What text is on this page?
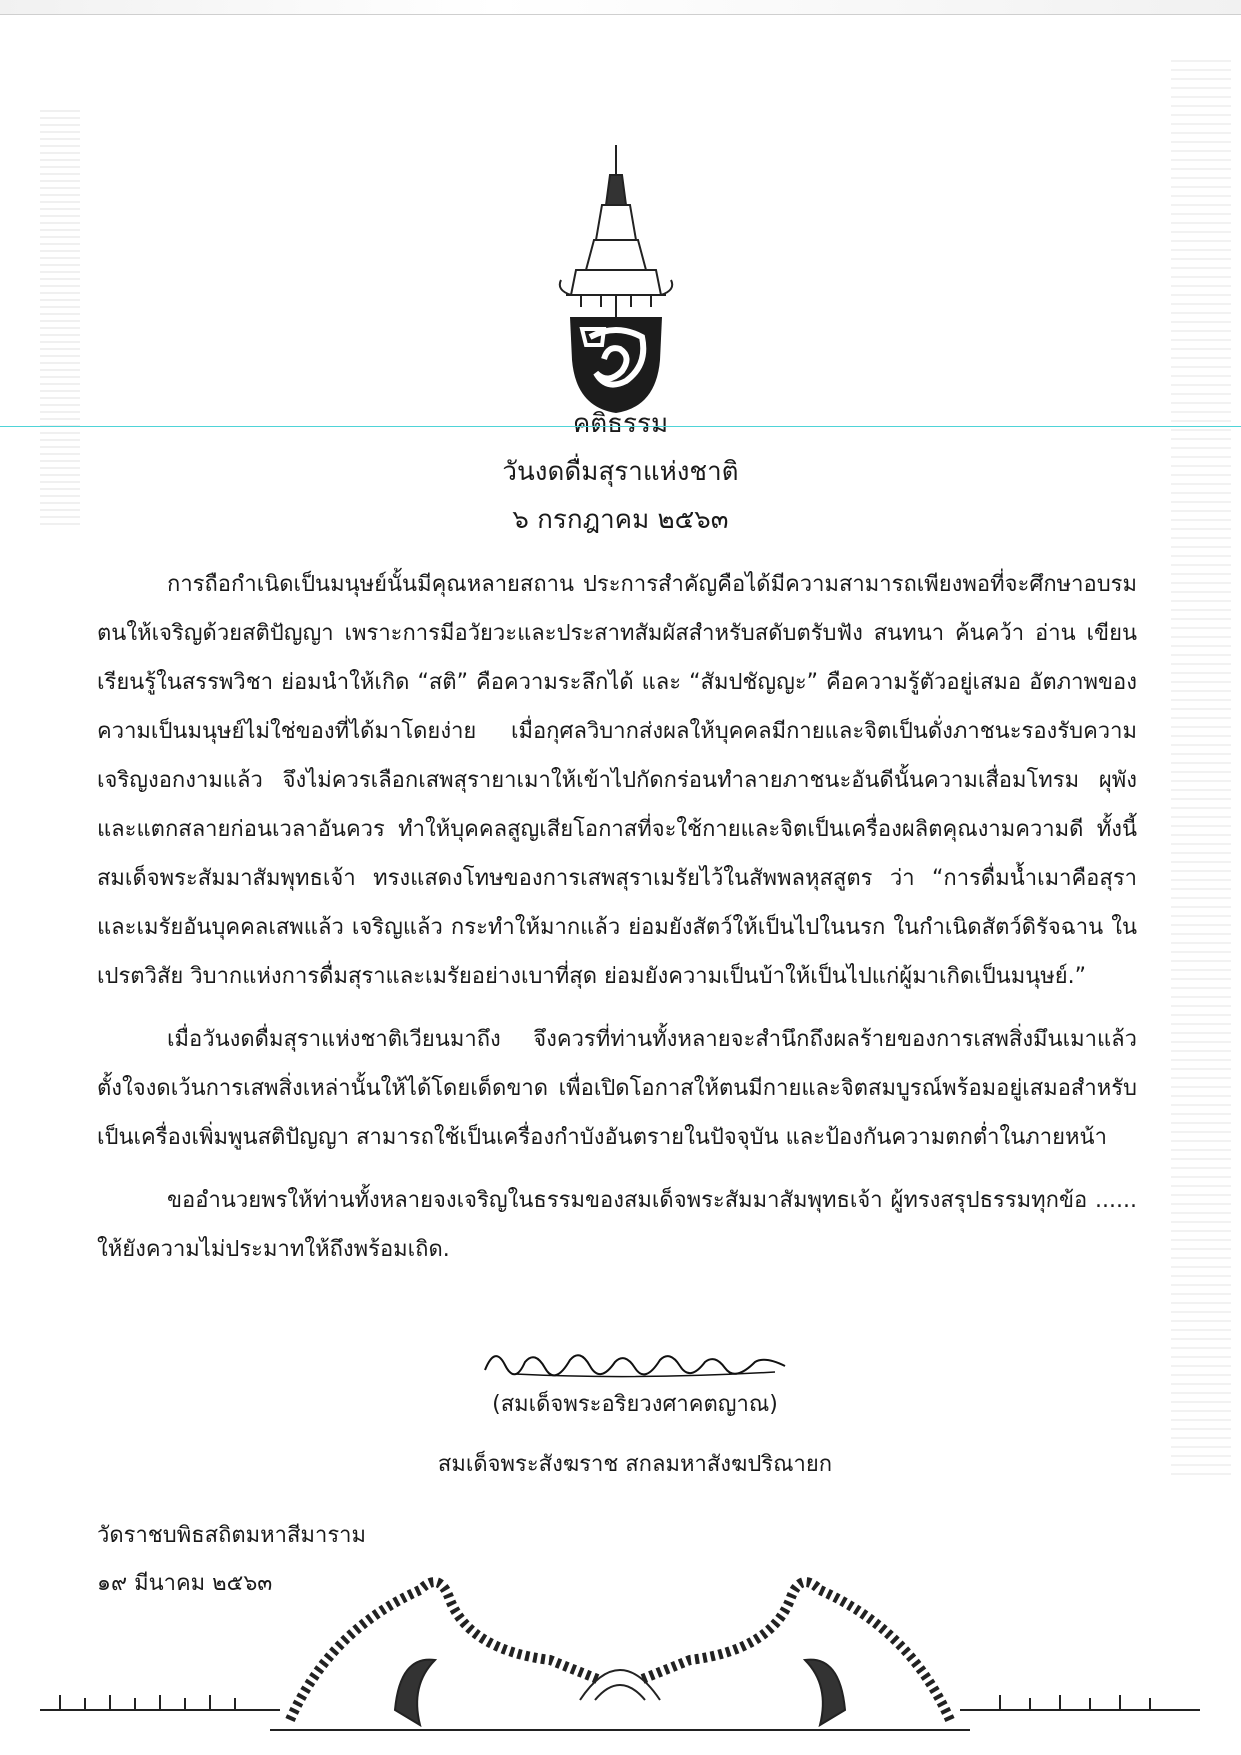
คติธรรม
วันงดดื่มสุราแห่งชาติ
๖ กรกฎาคม ๒๕๖๓

การถือกำเนิดเป็นมนุษย์นั้นมีคุณหลายสถาน ประการสำคัญคือได้มีความสามารถเพียงพอที่จะศึกษาอบรมตนให้เจริญด้วยสติปัญญา เพราะการมีอวัยวะและประสาทสัมผัสสำหรับสดับตรับฟัง สนทนา ค้นคว้า อ่าน เขียน เรียนรู้ในสรรพวิชา ย่อมนำให้เกิด “สติ” คือความระลึกได้ และ “สัมปชัญญะ” คือความรู้ตัวอยู่เสมอ อัตภาพของความเป็นมนุษย์ไม่ใช่ของที่ได้มาโดยง่าย เมื่อกุศลวิบากส่งผลให้บุคคลมีกายและจิตเป็นดั่งภาชนะรองรับความเจริญงอกงามแล้ว จึงไม่ควรเลือกเสพสุรายาเมาให้เข้าไปกัดกร่อนทำลายภาชนะอันดีนั้นความเสื่อมโทรม ผุพัง และแตกสลายก่อนเวลาอันควร ทำให้บุคคลสูญเสียโอกาสที่จะใช้กายและจิตเป็นเครื่องผลิตคุณงามความดี ทั้งนี้ สมเด็จพระสัมมาสัมพุทธเจ้า ทรงแสดงโทษของการเสพสุราเมรัยไว้ในสัพพลหุสสูตร ว่า “การดื่มน้ำเมาคือสุราและเมรัยอันบุคคลเสพแล้ว เจริญแล้ว กระทำให้มากแล้ว ย่อมยังสัตว์ให้เป็นไปในนรก ในกำเนิดสัตว์ดิรัจฉาน ในเปรตวิสัย วิบากแห่งการดื่มสุราและเมรัยอย่างเบาที่สุด ย่อมยังความเป็นบ้าให้เป็นไปแก่ผู้มาเกิดเป็นมนุษย์.”

เมื่อวันงดดื่มสุราแห่งชาติเวียนมาถึง จึงควรที่ท่านทั้งหลายจะสำนึกถึงผลร้ายของการเสพสิ่งมึนเมาแล้วตั้งใจงดเว้นการเสพสิ่งเหล่านั้นให้ได้โดยเด็ดขาด เพื่อเปิดโอกาสให้ตนมีกายและจิตสมบูรณ์พร้อมอยู่เสมอสำหรับเป็นเครื่องเพิ่มพูนสติปัญญา สามารถใช้เป็นเครื่องกำบังอันตรายในปัจจุบัน และป้องกันความตกต่ำในภายหน้า

ขออำนวยพรให้ท่านทั้งหลายจงเจริญในธรรมของสมเด็จพระสัมมาสัมพุทธเจ้า ผู้ทรงสรุปธรรมทุกข้อ ...... ให้ยังความไม่ประมาทให้ถึงพร้อมเถิด.

(สมเด็จพระอริยวงศาคตญาณ)
สมเด็จพระสังฆราช สกลมหาสังฆปริณายก
วัดราชบพิธสถิตมหาสีมาราม
๑๙ มีนาคม ๒๕๖๓
